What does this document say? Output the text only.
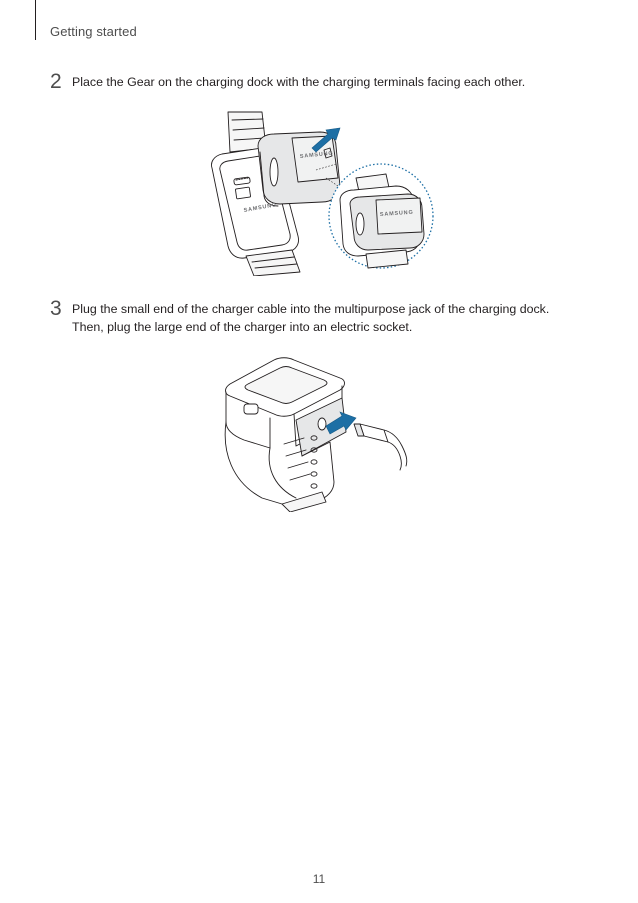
Getting started
2 Place the Gear on the charging dock with the charging terminals facing each other.
SAMSUNG
SAMSUNG	SAMSUNG
3 Plug the small end of the charger cable into the multipurpose jack of the charging dock.
Then, plug the large end of the charger into an electric socket.
11
